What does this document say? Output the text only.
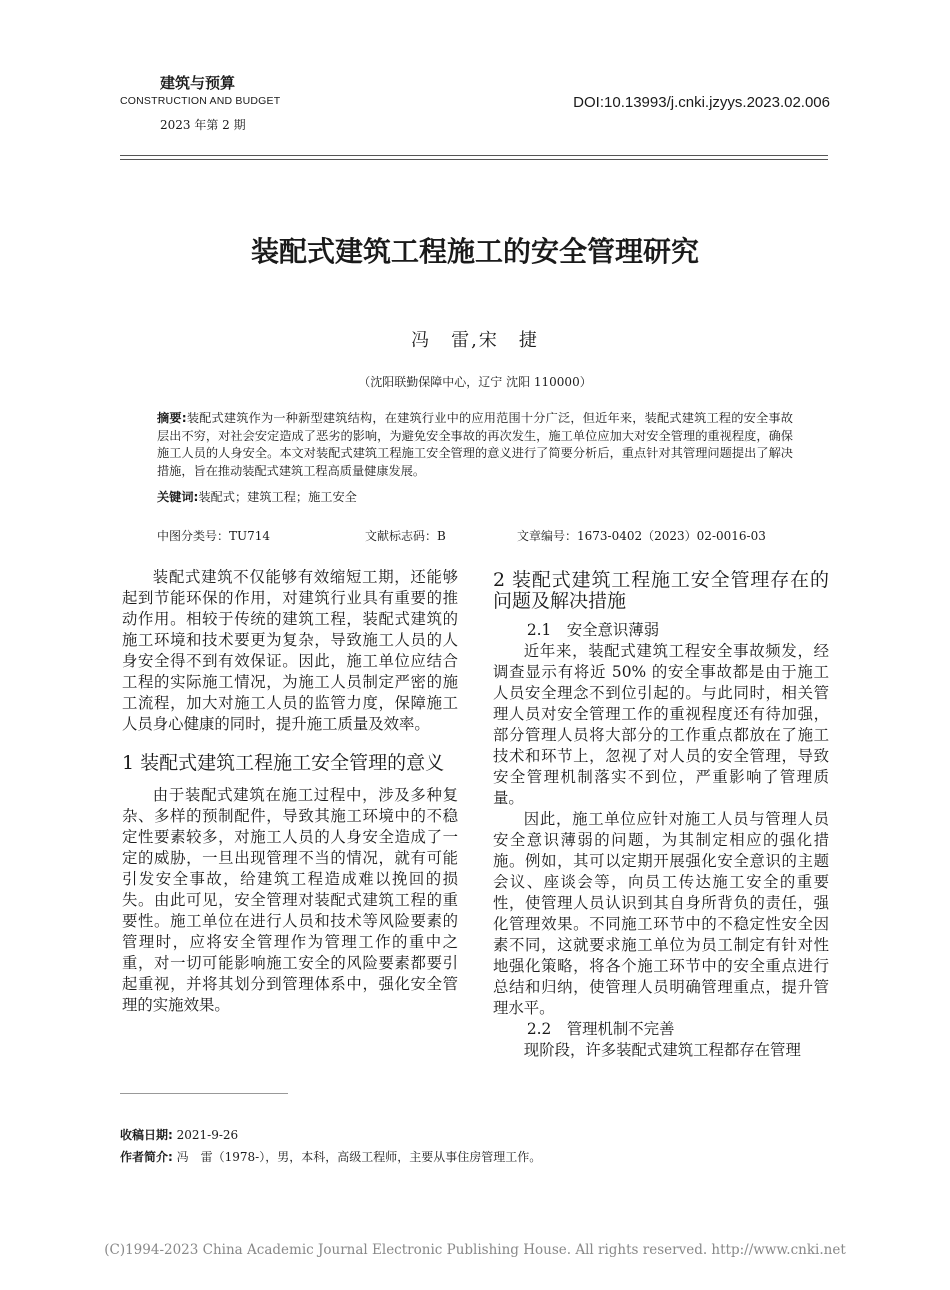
建筑与预算
CONSTRUCTION AND BUDGET
2023 年第 2 期
DOI:10.13993/j.cnki.jzyys.2023.02.006
装配式建筑工程施工的安全管理研究
冯　雷,宋　捷
（沈阳联勤保障中心，辽宁 沈阳 110000）
摘要:装配式建筑作为一种新型建筑结构，在建筑行业中的应用范围十分广泛，但近年来，装配式建筑工程的安全事故层出不穷，对社会安定造成了恶劣的影响，为避免安全事故的再次发生，施工单位应加大对安全管理的重视程度，确保施工人员的人身安全。本文对装配式建筑工程施工安全管理的意义进行了简要分析后，重点针对其管理问题提出了解决措施，旨在推动装配式建筑工程高质量健康发展。
关键词:装配式；建筑工程；施工安全
中图分类号：TU714	文献标志码：B	文章编号：1673-0402（2023）02-0016-03

装配式建筑不仅能够有效缩短工期，还能够起到节能环保的作用，对建筑行业具有重要的推动作用。相较于传统的建筑工程，装配式建筑的施工环境和技术要更为复杂，导致施工人员的人身安全得不到有效保证。因此，施工单位应结合工程的实际施工情况，为施工人员制定严密的施工流程，加大对施工人员的监管力度，保障施工人员身心健康的同时，提升施工质量及效率。

1 装配式建筑工程施工安全管理的意义

由于装配式建筑在施工过程中，涉及多种复杂、多样的预制配件，导致其施工环境中的不稳定性要素较多，对施工人员的人身安全造成了一定的威胁，一旦出现管理不当的情况，就有可能引发安全事故，给建筑工程造成难以挽回的损失。由此可见，安全管理对装配式建筑工程的重要性。施工单位在进行人员和技术等风险要素的管理时，应将安全管理作为管理工作的重中之重，对一切可能影响施工安全的风险要素都要引起重视，并将其划分到管理体系中，强化安全管理的实施效果。

2 装配式建筑工程施工安全管理存在的问题及解决措施
2.1　安全意识薄弱

近年来，装配式建筑工程安全事故频发，经调查显示有将近 50% 的安全事故都是由于施工人员安全理念不到位引起的。与此同时，相关管理人员对安全管理工作的重视程度还有待加强，部分管理人员将大部分的工作重点都放在了施工技术和环节上，忽视了对人员的安全管理，导致安全管理机制落实不到位，严重影响了管理质量。

因此，施工单位应针对施工人员与管理人员安全意识薄弱的问题，为其制定相应的强化措施。例如，其可以定期开展强化安全意识的主题会议、座谈会等，向员工传达施工安全的重要性，使管理人员认识到其自身所背负的责任，强化管理效果。不同施工环节中的不稳定性安全因素不同，这就要求施工单位为员工制定有针对性地强化策略，将各个施工环节中的安全重点进行总结和归纳，使管理人员明确管理重点，提升管理水平。

2.2　管理机制不完善

现阶段，许多装配式建筑工程都存在管理

收稿日期: 2021-9-26
作者简介: 冯　雷（1978-），男，本科，高级工程师，主要从事住房管理工作。
(C)1994-2023 China Academic Journal Electronic Publishing House. All rights reserved. http://www.cnki.net
